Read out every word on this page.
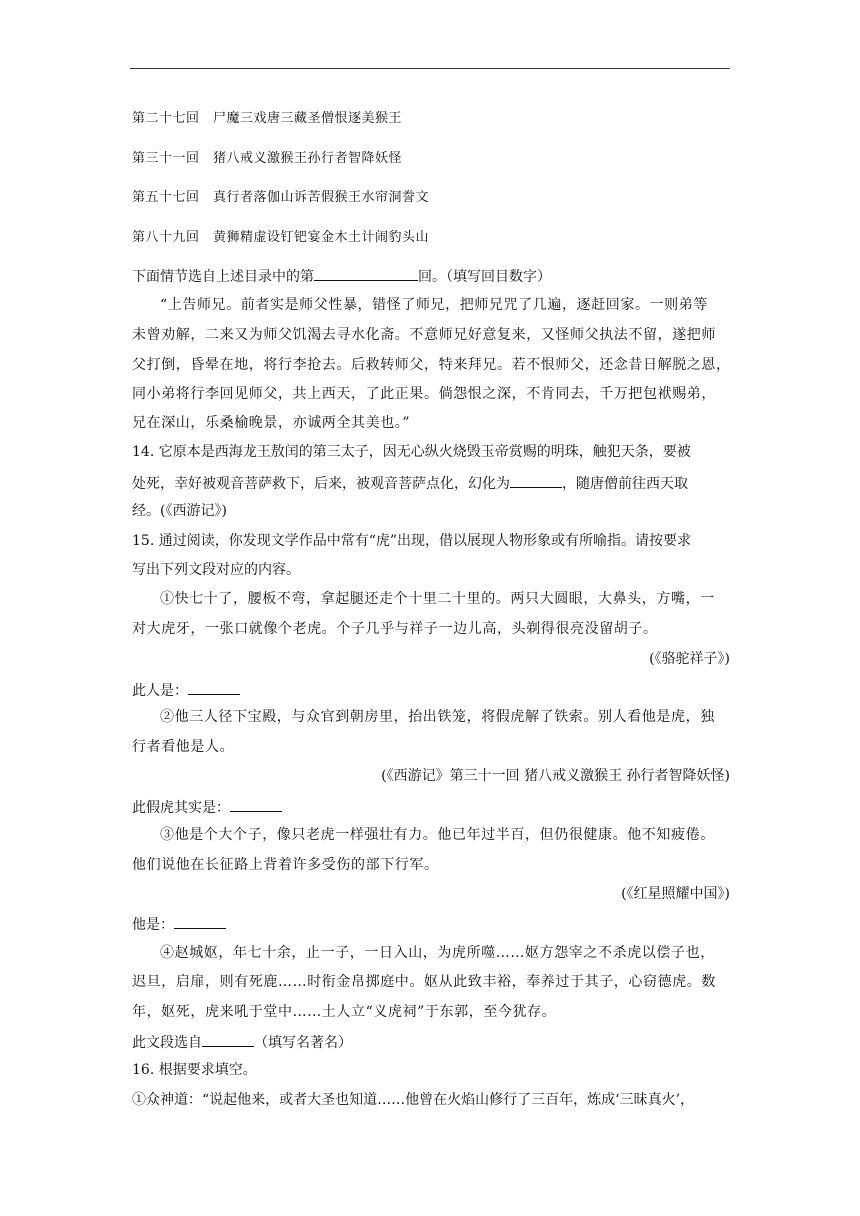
第二十七回　尸魔三戏唐三藏圣僧恨逐美猴王
第三十一回　猪八戒义激猴王孙行者智降妖怪
第五十七回　真行者落伽山诉苦假猴王水帘洞誊文
第八十九回　黄狮精虚设钉钯宴金木土计闹豹头山
下面情节选自上述目录中的第	回。（填写回目数字）
“上告师兄。前者实是师父性暴，错怪了师兄，把师兄咒了几遍，逐赶回家。一则弟等
未曾劝解，二来又为师父饥渴去寻水化斋。不意师兄好意复来，又怪师父执法不留，遂把师
父打倒，昏晕在地，将行李抢去。后救转师父，特来拜兄。若不恨师父，还念昔日解脱之恩，
同小弟将行李回见师父，共上西天，了此正果。倘怨恨之深，不肯同去，千万把包袱赐弟，
兄在深山，乐桑榆晚景，亦诚两全其美也。”
14. 它原本是西海龙王敖闰的第三太子，因无心纵火烧毁玉帝赏赐的明珠，触犯天条，要被
处死，幸好被观音菩萨救下，后来，被观音菩萨点化，幻化为	，随唐僧前往西天取
经。(《西游记》)
15. 通过阅读，你发现文学作品中常有“虎”出现，借以展现人物形象或有所喻指。请按要求
写出下列文段对应的内容。
①快七十了，腰板不弯，拿起腿还走个十里二十里的。两只大圆眼，大鼻头，方嘴，一
对大虎牙，一张口就像个老虎。个子几乎与祥子一边儿高，头剃得很亮没留胡子。
(《骆驼祥子》)
此人是：
②他三人径下宝殿，与众官到朝房里，抬出铁笼，将假虎解了铁索。别人看他是虎，独
行者看他是人。
(《西游记》第三十一回 猪八戒义激猴王 孙行者智降妖怪)
此假虎其实是：
③他是个大个子，像只老虎一样强壮有力。他已年过半百，但仍很健康。他不知疲倦。
他们说他在长征路上背着许多受伤的部下行军。
(《红星照耀中国》)
他是：
④赵城妪，年七十余，止一子，一日入山，为虎所噬……妪方怨宰之不杀虎以偿子也，
迟旦，启扉，则有死鹿……时衔金帛掷庭中。妪从此致丰裕，奉养过于其子，心窃德虎。数
年，妪死，虎来吼于堂中……土人立“义虎祠”于东郭，至今犹存。
此文段选自	（填写名著名）
16. 根据要求填空。
①众神道：“说起他来，或者大圣也知道……他曾在火焰山修行了三百年，炼成‘三昧真火’，
